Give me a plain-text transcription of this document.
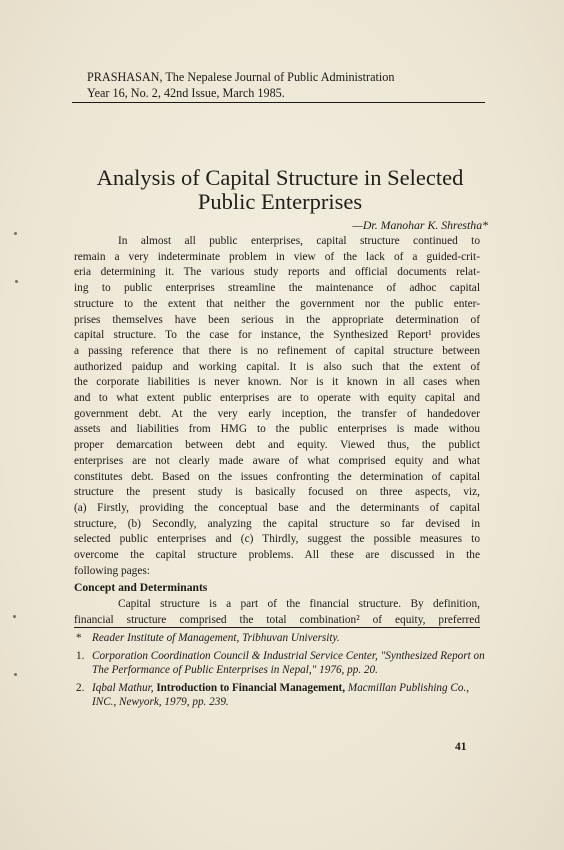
PRASHASAN, The Nepalese Journal of Public Administration
Year 16, No. 2, 42nd Issue, March 1985.
Analysis of Capital Structure in Selected
Public Enterprises
—Dr. Manohar K. Shrestha*
In almost all public enterprises, capital structure continued to
remain a very indeterminate problem in view of the lack of a guided-crit-
eria determining it. The various study reports and official documents relat-
ing to public enterprises streamline the maintenance of adhoc capital
structure to the extent that neither the government nor the public enter-
prises themselves have been serious in the appropriate determination of
capital structure. To the case for instance, the Synthesized Report¹ provides
a passing reference that there is no refinement of capital structure between
authorized paidup and working capital. It is also such that the extent of
the corporate liabilities is never known. Nor is it known in all cases when
and to what extent public enterprises are to operate with equity capital and
government debt. At the very early inception, the transfer of handedover
assets and liabilities from HMG to the public enterprises is made withou
proper demarcation between debt and equity. Viewed thus, the publict
enterprises are not clearly made aware of what comprised equity and what
constitutes debt. Based on the issues confronting the determination of capital
structure the present study is basically focused on three aspects, viz,
(a) Firstly, providing the conceptual base and the determinants of capital
structure, (b) Secondly, analyzing the capital structure so far devised in
selected public enterprises and (c) Thirdly, suggest the possible measures to
overcome the capital structure problems. All these are discussed in the
following pages:
Concept and Determinants
Capital structure is a part of the financial structure. By definition,
financial structure comprised the total combination² of equity, preferred
* Reader Institute of Management, Tribhuvan University.
1. Corporation Coordination Council & Industrial Service Center, "Synthesized Report on The Performance of Public Enterprises in Nepal," 1976, pp. 20.
2. Iqbal Mathur, Introduction to Financial Management, Macmillan Publishing Co., INC., Newyork, 1979, pp. 239.
41
